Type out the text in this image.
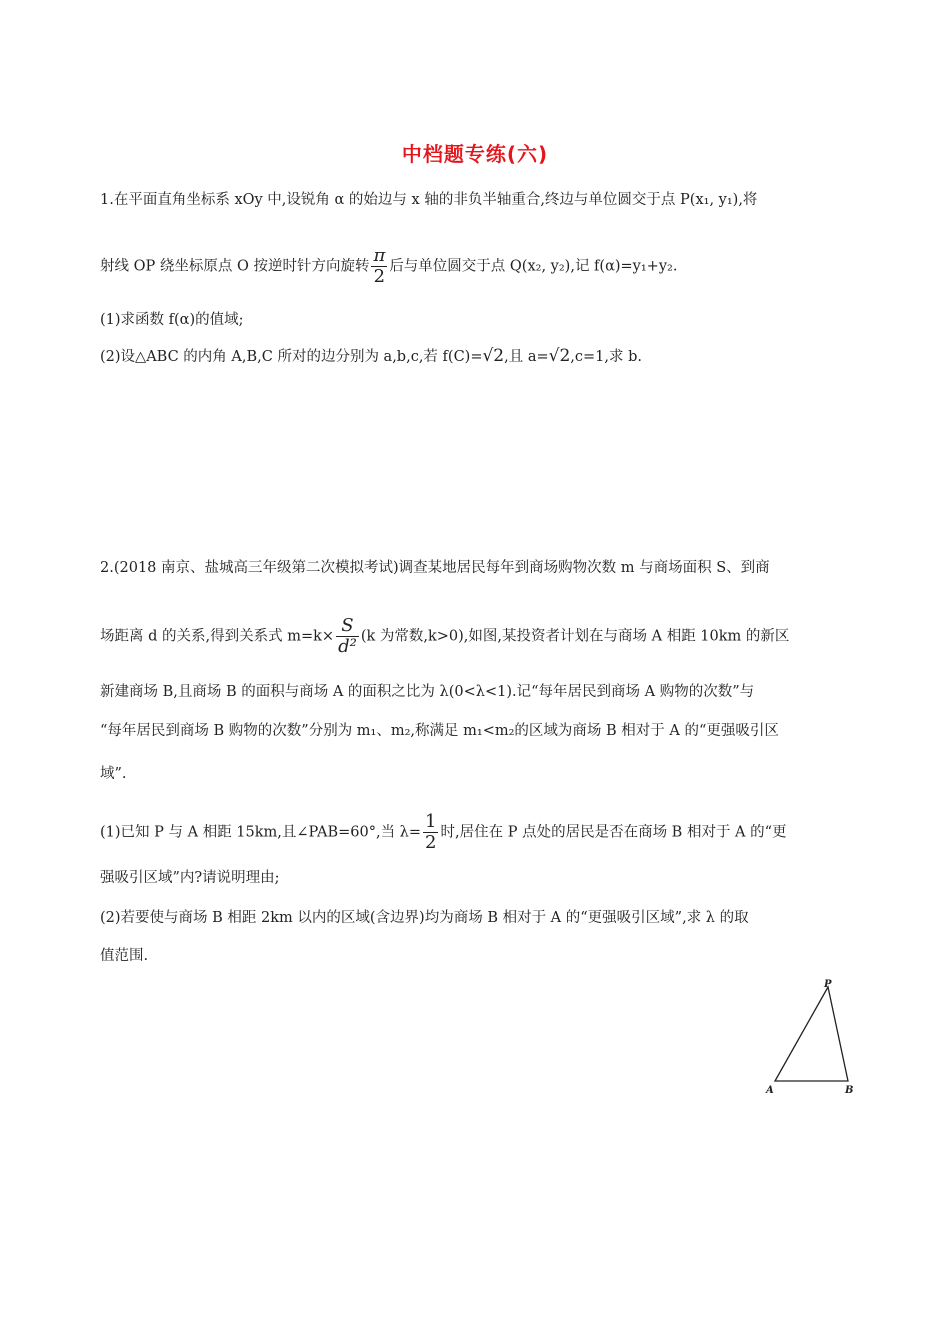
中档题专练(六)
1.在平面直角坐标系 xOy 中,设锐角 α 的始边与 x 轴的非负半轴重合,终边与单位圆交于点 P(x₁, y₁),将
射线 OP 绕坐标原点 O 按逆时针方向旋转 $\frac{\pi}{2}$ 后与单位圆交于点 Q(x₂, y₂),记 f(α)=y₁+y₂.
(1)求函数 f(α)的值域;
(2)设△ABC 的内角 A,B,C 所对的边分别为 a,b,c,若 f(C)=√2,且 a=√2,c=1,求 b.
2.(2018 南京、盐城高三年级第二次模拟考试)调查某地居民每年到商场购物次数 m 与商场面积 S、到商
场距离 d 的关系,得到关系式 $m=k\times \frac{S}{\text{d²}} (k$ 为常数,k>0),如图,某投资者计划在与商场 A 相距 10km 的新区
新建商场 B,且商场 B 的面积与商场 A 的面积之比为 λ(0<λ<1).记“每年居民到商场 A 购物的次数”与
“每年居民到商场 B 购物的次数”分别为 m₁、m₂,称满足 m₁<m₂的区域为商场 B 相对于 A 的“更强吸引区
域”.
(1)已知 P 与 A 相距 15km,且∠PAB=60°,当 $\lambda= \frac{1}{2}$ 时,居住在 P 点处的居民是否在商场 B 相对于 A 的“更
强吸引区域”内?请说明理由;
(2)若要使与商场 B 相距 2km 以内的区域(含边界)均为商场 B 相对于 A 的“更强吸引区域”,求 λ 的取
值范围.
P
A	B
